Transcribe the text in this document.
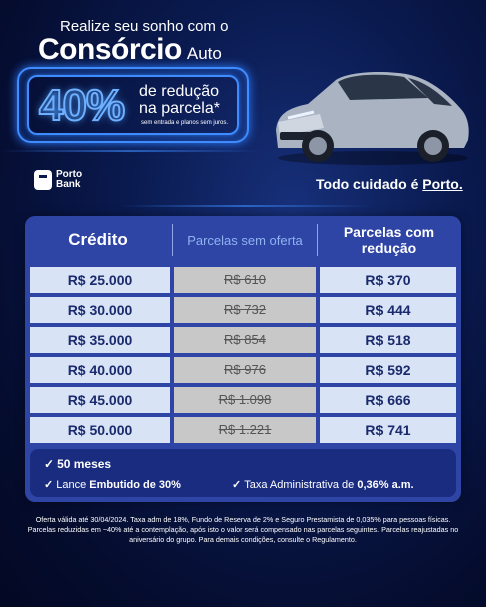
Realize seu sonho com o
Consórcio Auto
40% de redução
na parcela*
sem entrada e planos sem juros.
Porto Bank	Todo cuidado é Porto.
Crédito	Parcelas sem oferta	Parcelas com redução
R$ 25.000	R$ 610	R$ 370
R$ 30.000	R$ 732	R$ 444
R$ 35.000	R$ 854	R$ 518
R$ 40.000	R$ 976	R$ 592
R$ 45.000	R$ 1.098	R$ 666
R$ 50.000	R$ 1.221	R$ 741
✓ 50 meses
✓ Lance Embutido de 30%	✓ Taxa Administrativa de 0,36% a.m.
Oferta válida até 30/04/2024. Taxa adm de 18%, Fundo de Reserva de 2% e Seguro Prestamista de 0,035% para pessoas físicas. Parcelas reduzidas em ~40% até a contemplação, após isto o valor será compensado nas parcelas seguintes. Parcelas reajustadas no aniversário do grupo. Para demais condições, consulte o Regulamento.
